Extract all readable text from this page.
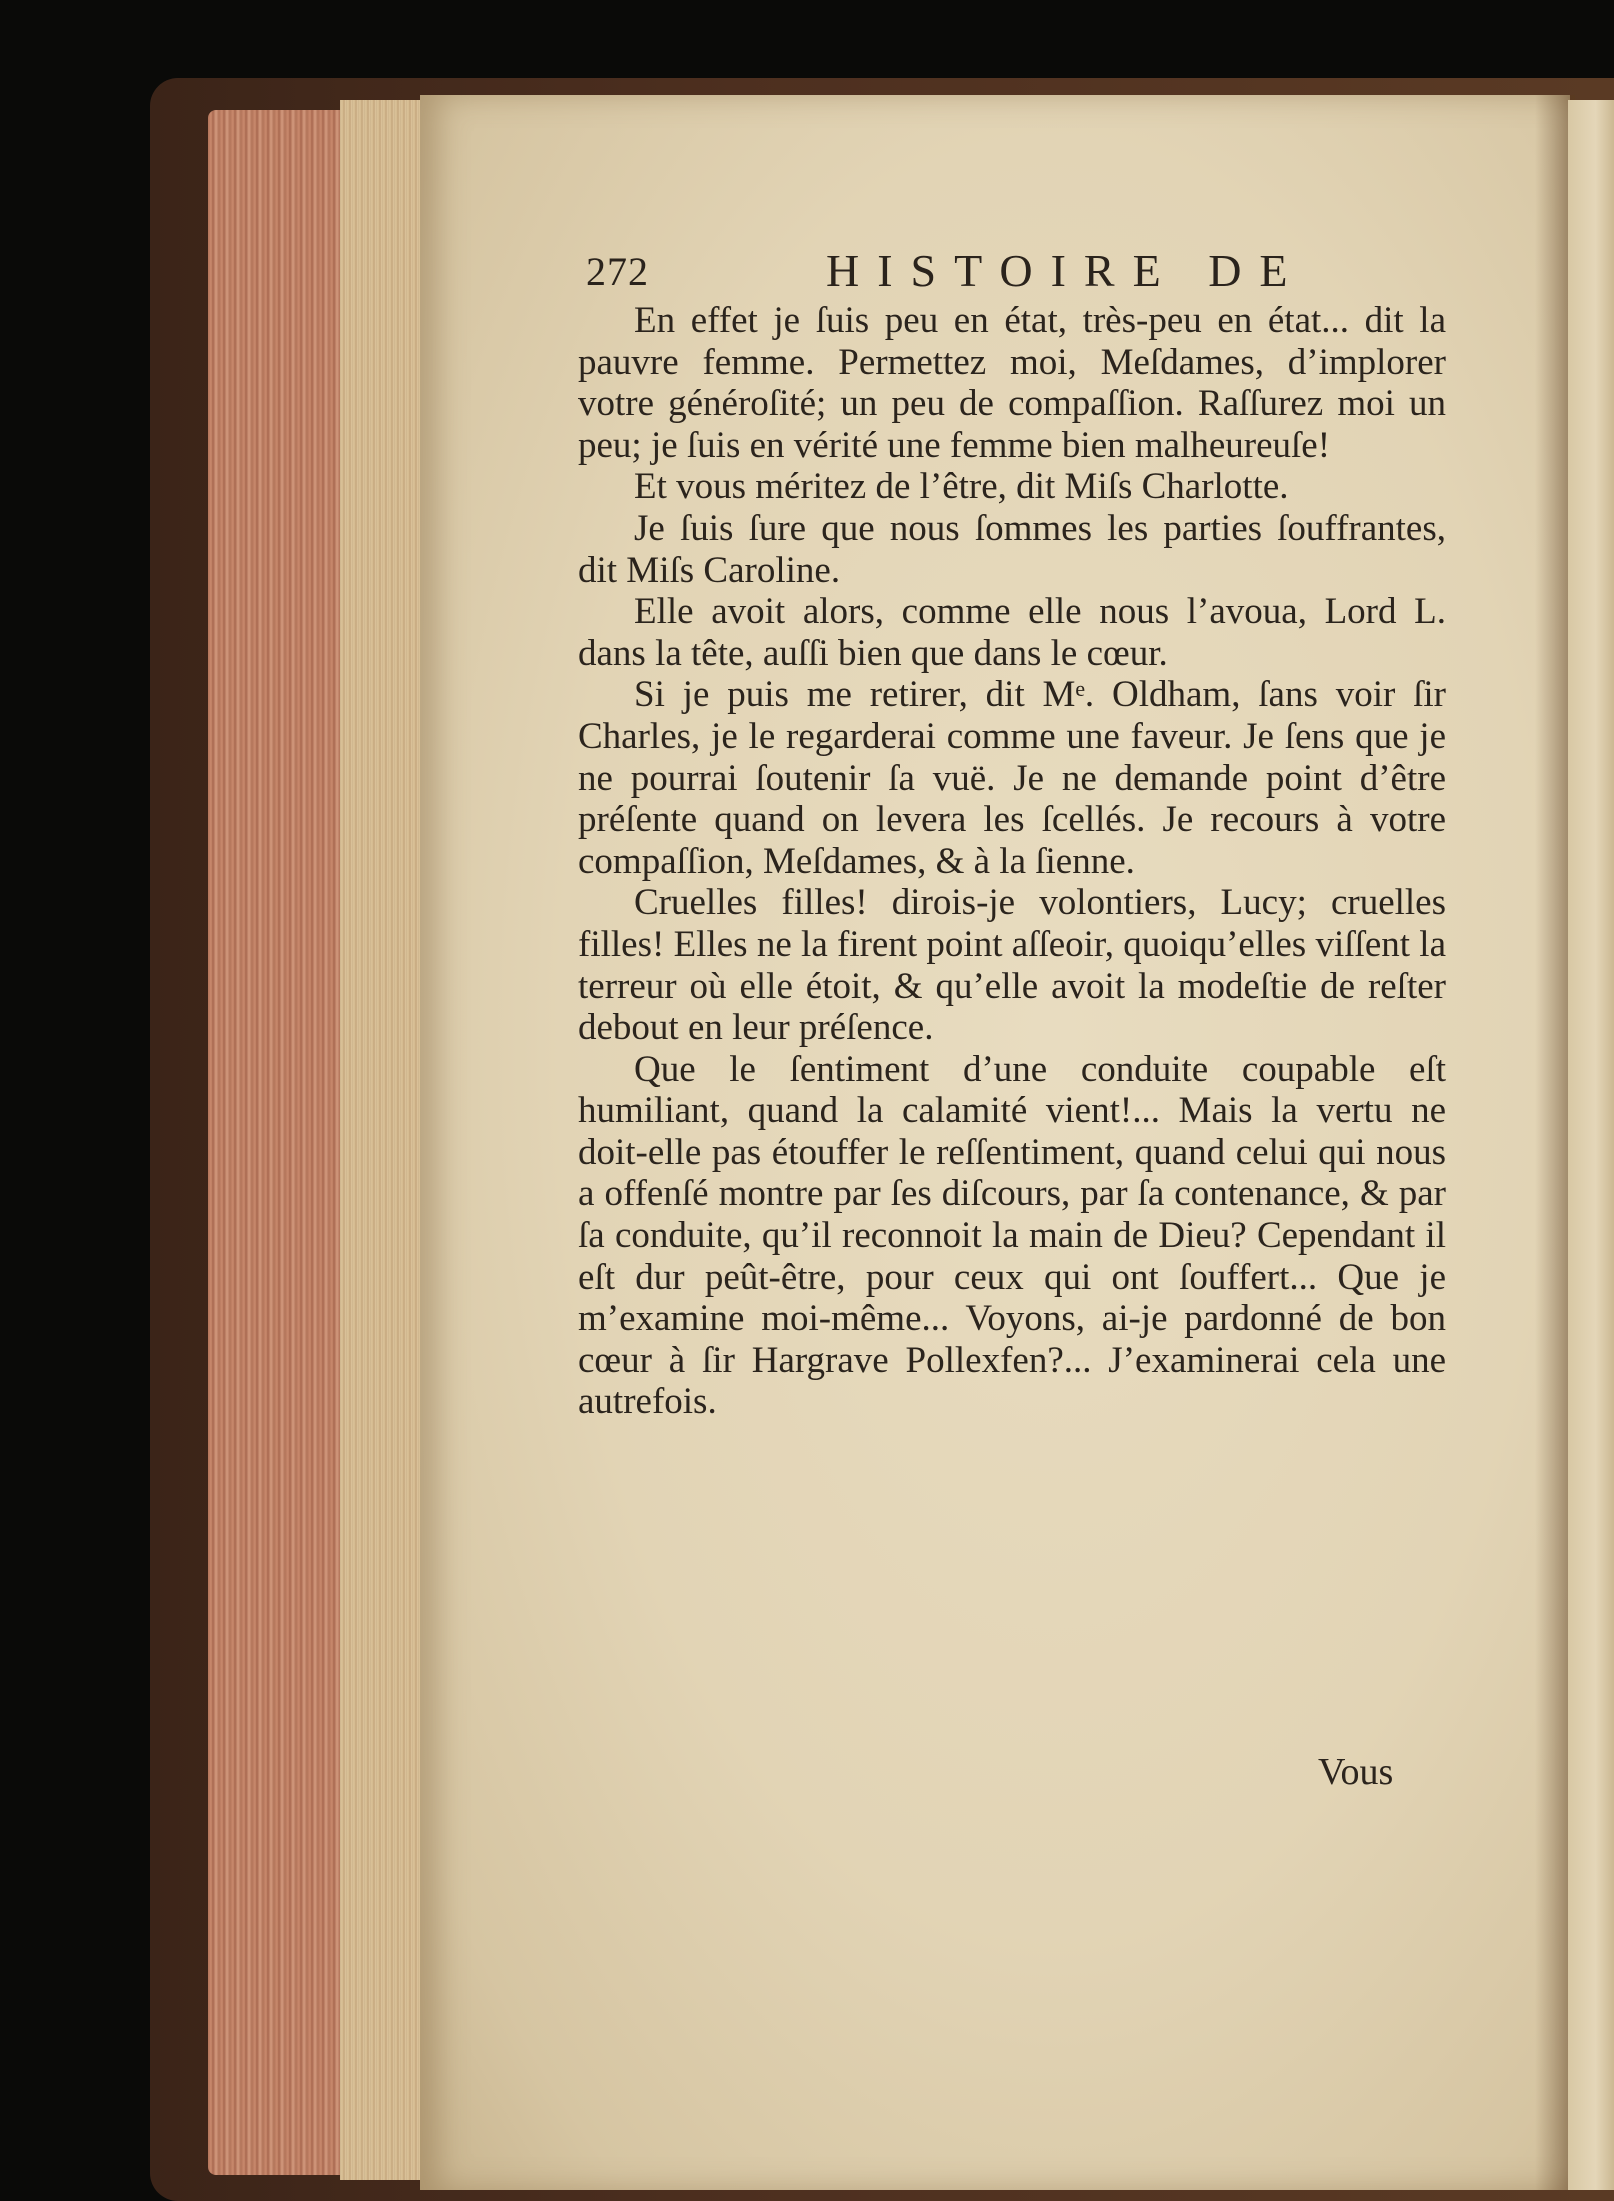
272	HISTOIRE DE

En effet je ſuis peu en état, très-peu en état... dit la pauvre femme. Permettez moi, Meſdames, d’implorer votre généroſité; un peu de compaſſion. Raſſurez moi un peu; je ſuis en vérité une femme bien malheureuſe!

Et vous méritez de l’être, dit Miſs Charlotte.

Je ſuis ſure que nous ſommes les parties ſouffrantes, dit Miſs Caroline.

Elle avoit alors, comme elle nous l’avoua, Lord L. dans la tête, auſſi bien que dans le cœur.

Si je puis me retirer, dit Mᵉ. Oldham, ſans voir ſir Charles, je le regarderai comme une faveur. Je ſens que je ne pourrai ſoutenir ſa vuë. Je ne demande point d’être préſente quand on levera les ſcellés. Je recours à votre compaſſion, Meſdames, & à la ſienne.

Cruelles filles! dirois-je volontiers, Lucy; cruelles filles! Elles ne la firent point aſſeoir, quoiqu’elles viſſent la terreur où elle étoit, & qu’elle avoit la modeſtie de reſter debout en leur préſence.

Que le ſentiment d’une conduite coupable eſt humiliant, quand la calamité vient!... Mais la vertu ne doit-elle pas étouffer le reſſentiment, quand celui qui nous a offenſé montre par ſes diſcours, par ſa contenance, & par ſa conduite, qu’il reconnoit la main de Dieu? Cependant il eſt dur peût-être, pour ceux qui ont ſouffert... Que je m’examine moi-même... Voyons, ai-je pardonné de bon cœur à ſir Hargrave Pollexfen?... J’examinerai cela une autrefois.

Vous
